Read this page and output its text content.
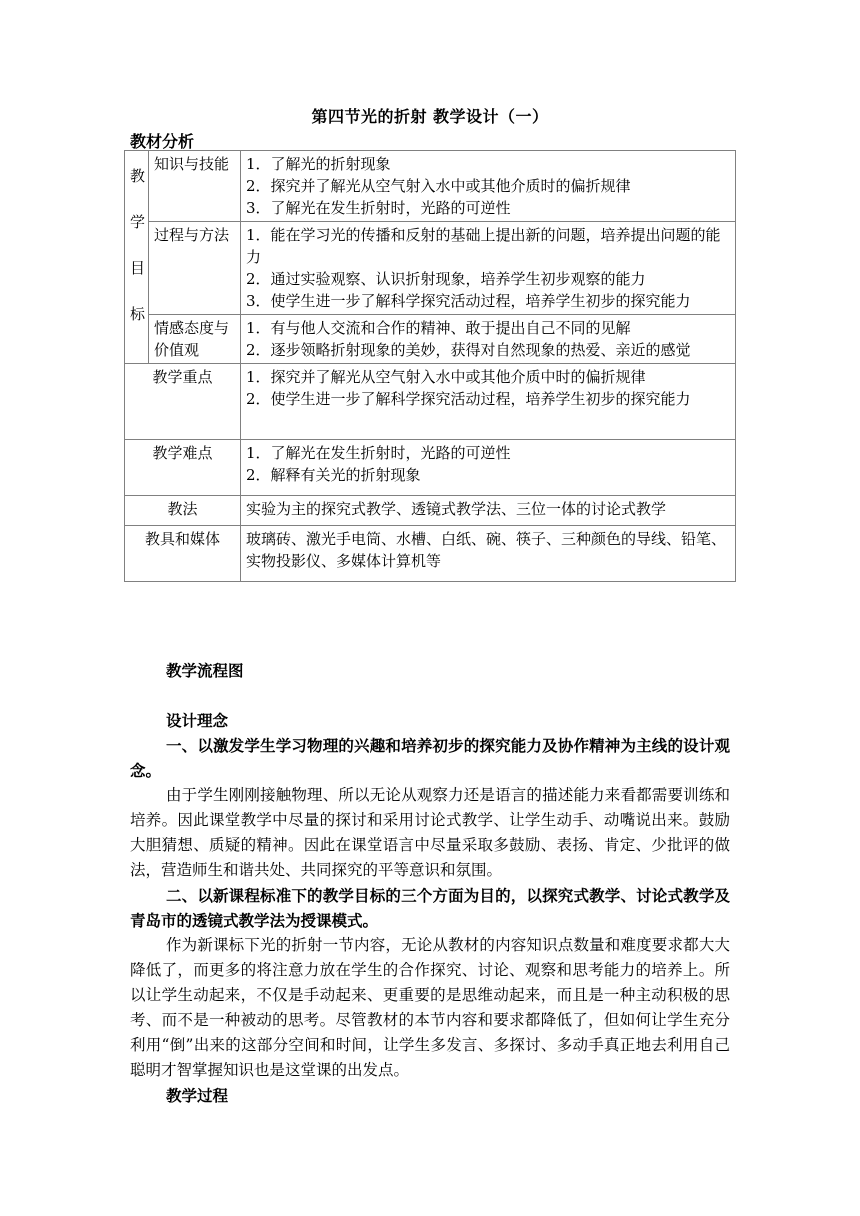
第四节光的折射 教学设计（一）
教材分析
教
学
目
标	知识与技能	1．了解光的折射现象
2．探究并了解光从空气射入水中或其他介质时的偏折规律
3．了解光在发生折射时，光路的可逆性

	过程与方法	1．能在学习光的传播和反射的基础上提出新的问题，培养提出问题的能力
2．通过实验观察、认识折射现象，培养学生初步观察的能力
3．使学生进一步了解科学探究活动过程，培养学生初步的探究能力

	情感态度与价值观	1．有与他人交流和合作的精神、敢于提出自己不同的见解
2．逐步领略折射现象的美妙，获得对自然现象的热爱、亲近的感觉

教学重点		1．探究并了解光从空气射入水中或其他介质中时的偏折规律
2．使学生进一步了解科学探究活动过程，培养学生初步的探究能力

教学难点		1．了解光在发生折射时，光路的可逆性
2．解释有关光的折射现象

教法		实验为主的探究式教学、透镜式教学法、三位一体的讨论式教学

教具和媒体		玻璃砖、激光手电筒、水槽、白纸、碗、筷子、三种颜色的导线、铅笔、实物投影仪、多媒体计算机等
教学流程图
设计理念
一、以激发学生学习物理的兴趣和培养初步的探究能力及协作精神为主线的设计观念。
由于学生刚刚接触物理、所以无论从观察力还是语言的描述能力来看都需要训练和培养。因此课堂教学中尽量的探讨和采用讨论式教学、让学生动手、动嘴说出来。鼓励大胆猜想、质疑的精神。因此在课堂语言中尽量采取多鼓励、表扬、肯定、少批评的做法，营造师生和谐共处、共同探究的平等意识和氛围。
二、以新课程标准下的教学目标的三个方面为目的，以探究式教学、讨论式教学及青岛市的透镜式教学法为授课模式。
作为新课标下光的折射一节内容，无论从教材的内容知识点数量和难度要求都大大降低了，而更多的将注意力放在学生的合作探究、讨论、观察和思考能力的培养上。所以让学生动起来，不仅是手动起来、更重要的是思维动起来，而且是一种主动积极的思考、而不是一种被动的思考。尽管教材的本节内容和要求都降低了，但如何让学生充分利用“倒”出来的这部分空间和时间，让学生多发言、多探讨、多动手真正地去利用自己聪明才智掌握知识也是这堂课的出发点。
教学过程
